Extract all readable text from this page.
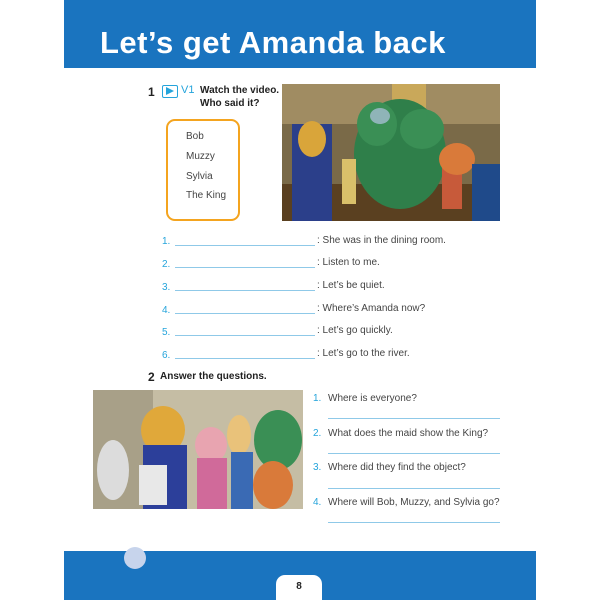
Let’s get Amanda back
1 V1 Watch the video.
Who said it?
Bob
Muzzy
Sylvia
The King
1.	: She was in the dining room.
2.	: Listen to me.
3.	: Let’s be quiet.
4.	: Where’s Amanda now?
5.	: Let’s go quickly.
6.	: Let’s go to the river.
2 Answer the questions.
1. Where is everyone?
2. What does the maid show the King?
3. Where did they find the object?
4. Where will Bob, Muzzy, and Sylvia go?
8
